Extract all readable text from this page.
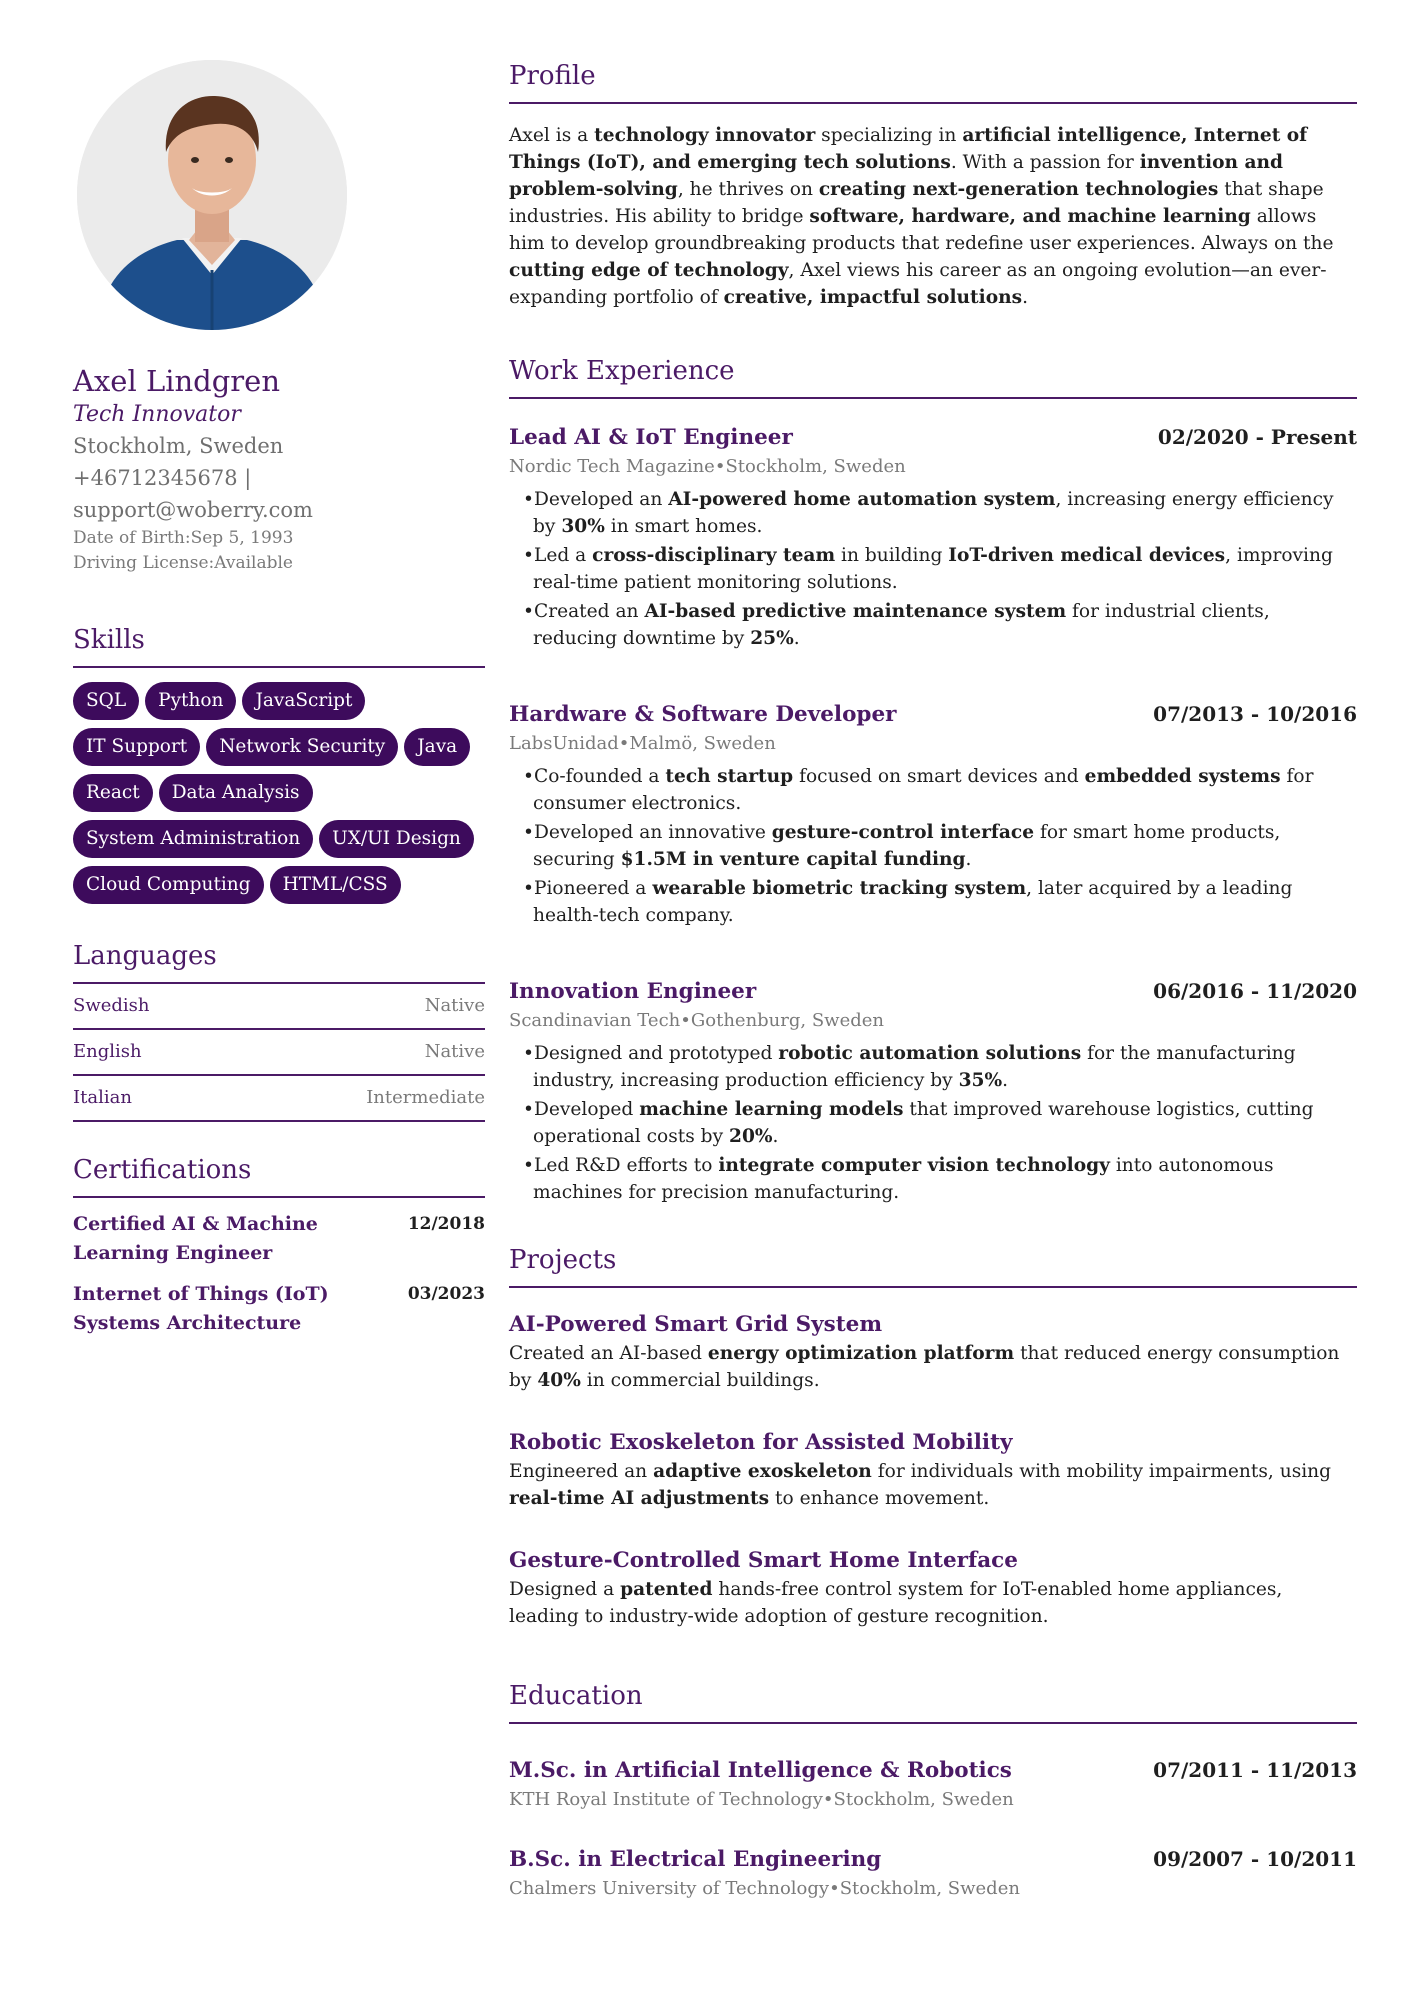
Axel Lindgren
Tech Innovator
Stockholm, Sweden
+46712345678 | support@woberry.com
Date of Birth:Sep 5, 1993
Driving License:Available
Skills
SQL	Python	JavaScript
IT Support	Network Security	Java
React	Data Analysis
System Administration	UX/UI Design
Cloud Computing	HTML/CSS
Languages
Swedish	Native
English	Native
Italian	Intermediate
Certifications
Certified AI & Machine Learning Engineer
12/2018
Internet of Things (IoT) Systems Architecture
03/2023
Profile

Axel is a technology innovator specializing in artificial intelligence, Internet of Things (IoT), and emerging tech solutions. With a passion for invention and problem-solving, he thrives on creating next-generation technologies that shape industries. His ability to bridge software, hardware, and machine learning allows him to develop groundbreaking products that redefine user experiences. Always on the cutting edge of technology, Axel views his career as an ongoing evolution—an ever-expanding portfolio of creative, impactful solutions.

Work Experience
Lead AI & IoT Engineer	02/2020 - Present
Nordic Tech Magazine•Stockholm, Sweden
• Developed an AI-powered home automation system, increasing energy efficiency by 30% in smart homes.
• Led a cross-disciplinary team in building IoT-driven medical devices, improving real-time patient monitoring solutions.
• Created an AI-based predictive maintenance system for industrial clients, reducing downtime by 25%.
Hardware & Software Developer	07/2013 - 10/2016
LabsUnidad•Malmö, Sweden
• Co-founded a tech startup focused on smart devices and embedded systems for consumer electronics.
• Developed an innovative gesture-control interface for smart home products, securing $1.5M in venture capital funding.
• Pioneered a wearable biometric tracking system, later acquired by a leading health-tech company.
Innovation Engineer	06/2016 - 11/2020
Scandinavian Tech•Gothenburg, Sweden
• Designed and prototyped robotic automation solutions for the manufacturing industry, increasing production efficiency by 35%.
• Developed machine learning models that improved warehouse logistics, cutting operational costs by 20%.
• Led R&D efforts to integrate computer vision technology into autonomous machines for precision manufacturing.
Projects
AI-Powered Smart Grid System
Created an AI-based energy optimization platform that reduced energy consumption by 40% in commercial buildings.
Robotic Exoskeleton for Assisted Mobility
Engineered an adaptive exoskeleton for individuals with mobility impairments, using real-time AI adjustments to enhance movement.
Gesture-Controlled Smart Home Interface
Designed a patented hands-free control system for IoT-enabled home appliances, leading to industry-wide adoption of gesture recognition.
Education
M.Sc. in Artificial Intelligence & Robotics	07/2011 - 11/2013
KTH Royal Institute of Technology•Stockholm, Sweden
B.Sc. in Electrical Engineering	09/2007 - 10/2011
Chalmers University of Technology•Stockholm, Sweden
